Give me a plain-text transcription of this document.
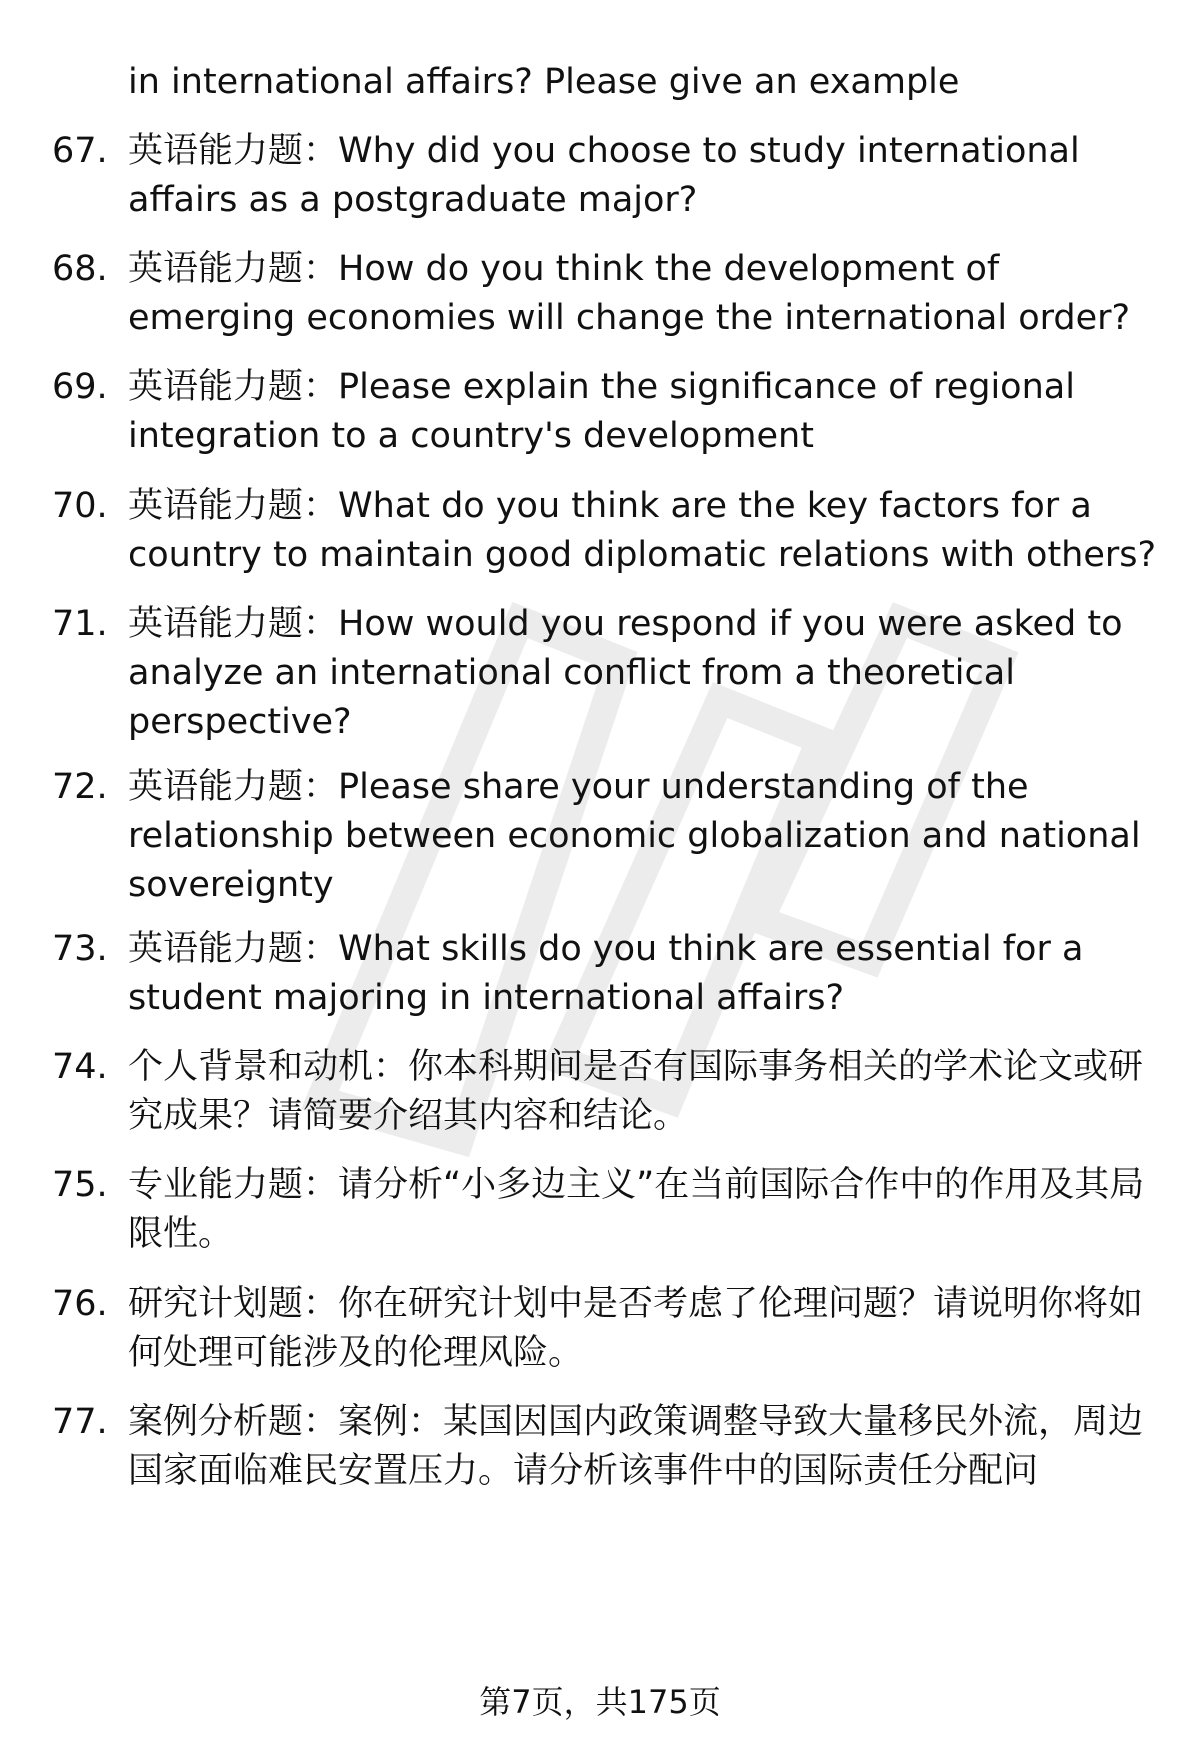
in international affairs? Please give an example
67. 英语能力题：Why did you choose to study international affairs as a postgraduate major?
68. 英语能力题：How do you think the development of emerging economies will change the international order?
69. 英语能力题：Please explain the significance of regional integration to a country's development
70. 英语能力题：What do you think are the key factors for a country to maintain good diplomatic relations with others?
71. 英语能力题：How would you respond if you were asked to analyze an international conflict from a theoretical perspective?
72. 英语能力题：Please share your understanding of the relationship between economic globalization and national sovereignty
73. 英语能力题：What skills do you think are essential for a student majoring in international affairs?
74. 个人背景和动机：你本科期间是否有国际事务相关的学术论文或研究成果？请简要介绍其内容和结论。
75. 专业能力题：请分析“小多边主义”在当前国际合作中的作用及其局限性。
76. 研究计划题：你在研究计划中是否考虑了伦理问题？请说明你将如何处理可能涉及的伦理风险。
77. 案例分析题：案例：某国因国内政策调整导致大量移民外流，周边国家面临难民安置压力。请分析该事件中的国际责任分配问
第7页，共175页
